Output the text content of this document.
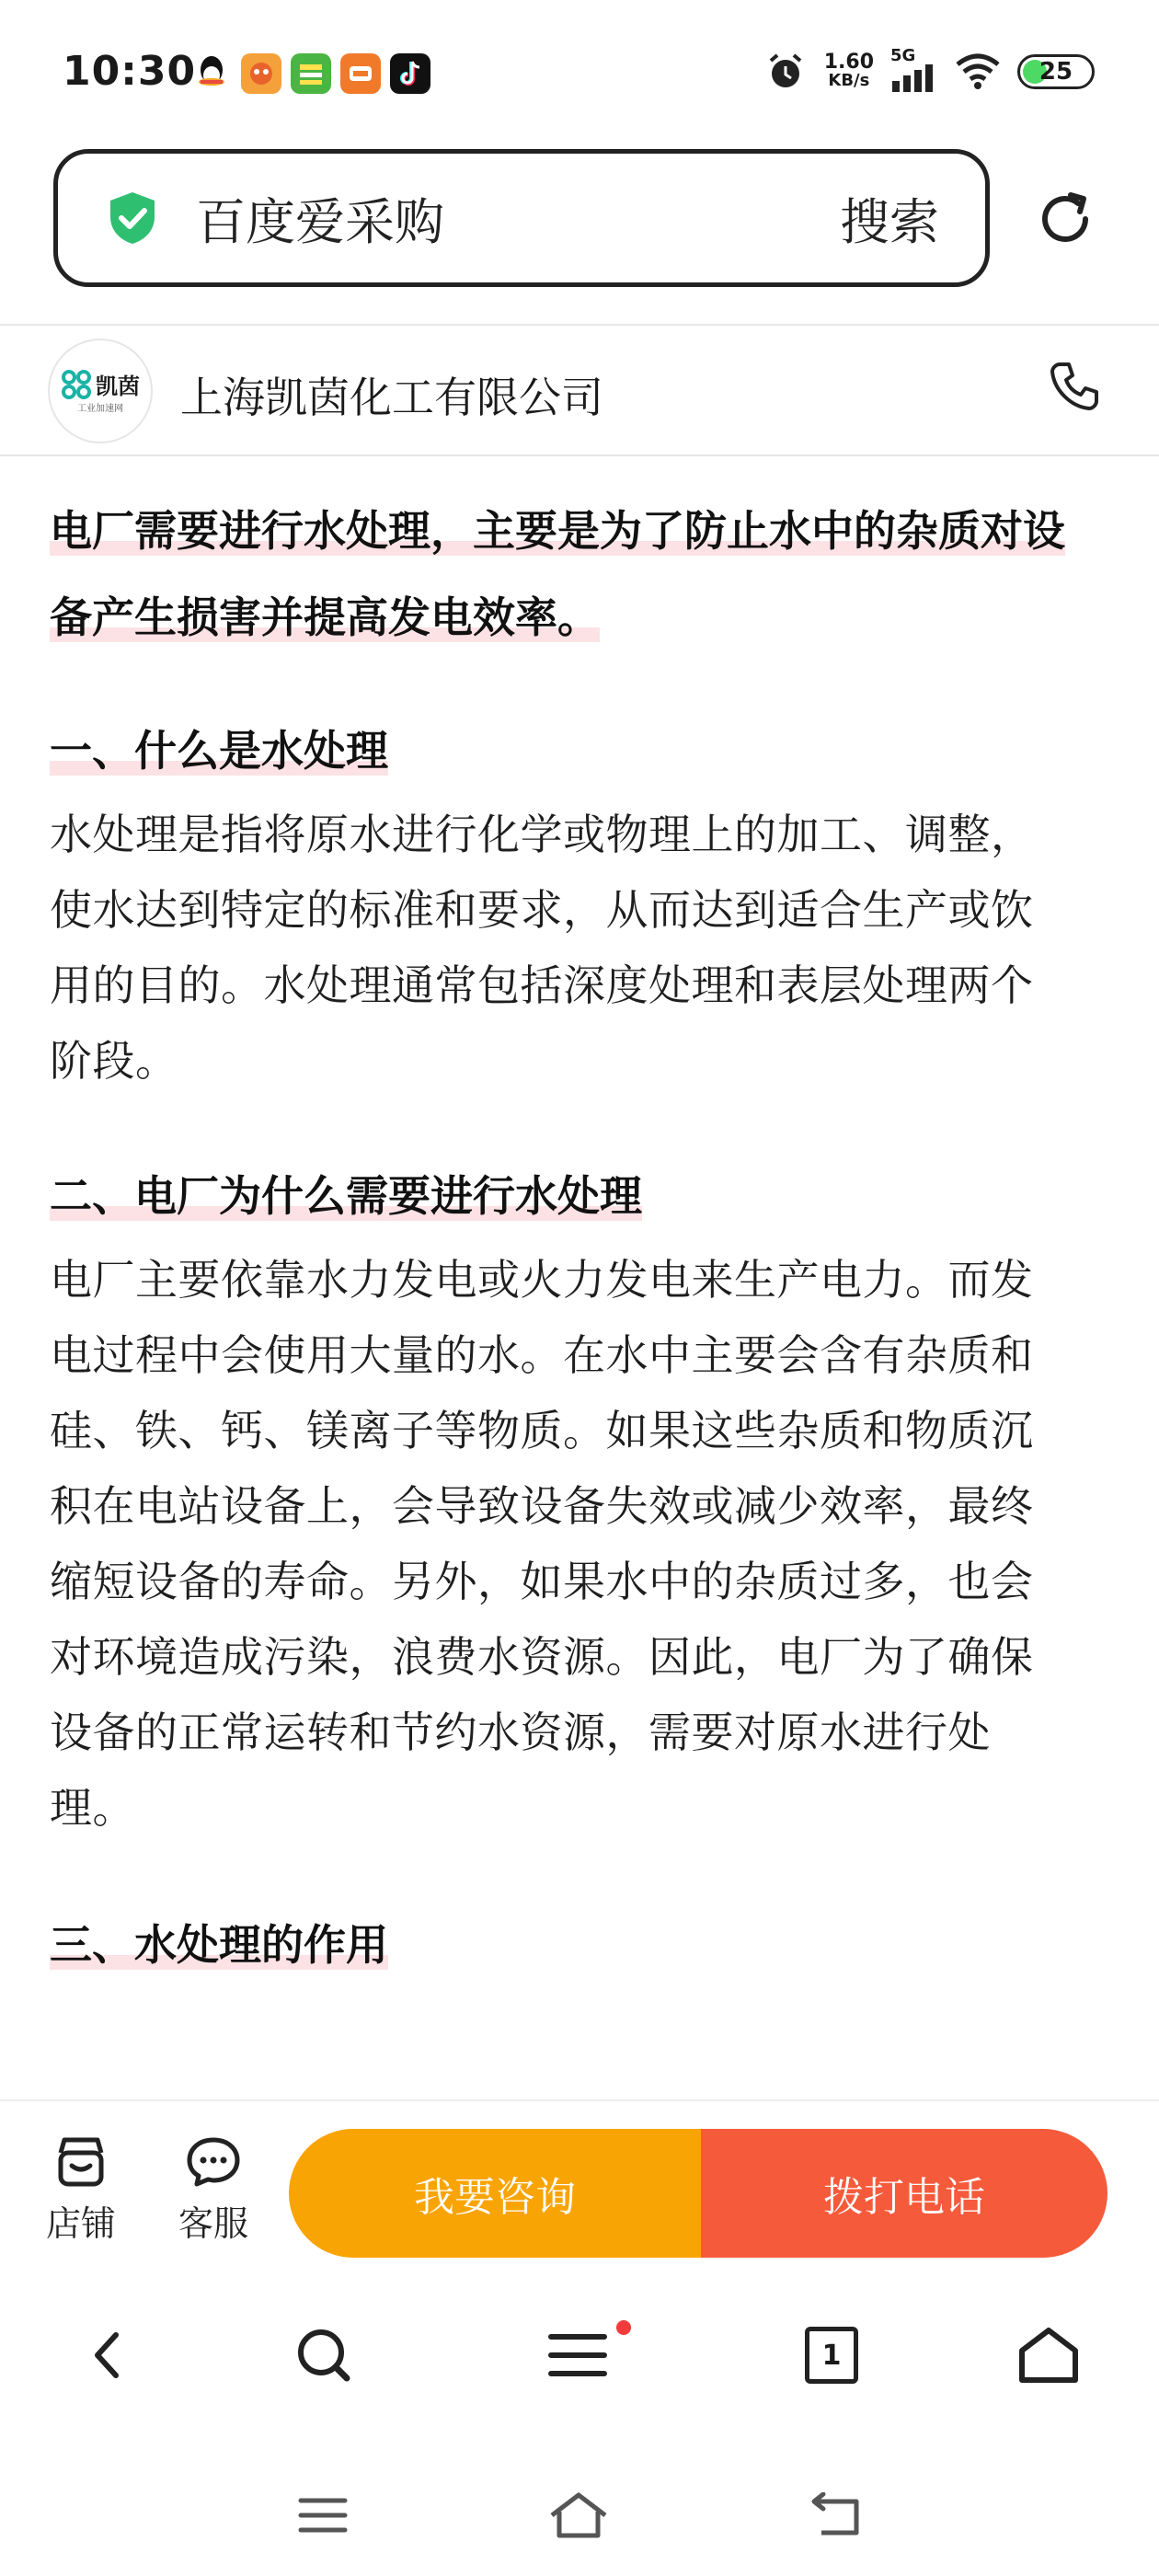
10:30	1.60
KB/s
5G
25
百度爱采购	搜索
凯茵
工业加速网 上海凯茵化工有限公司
电厂需要进行水处理，主要是为了防止水中的杂质对设备产生损害并提高发电效率。
一、什么是水处理
水处理是指将原水进行化学或物理上的加工、调整，使水达到特定的标准和要求，从而达到适合生产或饮用的目的。水处理通常包括深度处理和表层处理两个阶段。
二、电厂为什么需要进行水处理
电厂主要依靠水力发电或火力发电来生产电力。而发电过程中会使用大量的水。在水中主要会含有杂质和硅、铁、钙、镁离子等物质。如果这些杂质和物质沉积在电站设备上，会导致设备失效或减少效率，最终缩短设备的寿命。另外，如果水中的杂质过多，也会对环境造成污染，浪费水资源。因此，电厂为了确保设备的正常运转和节约水资源，需要对原水进行处理。
三、水处理的作用
店铺	客服
我要咨询	拨打电话
1
